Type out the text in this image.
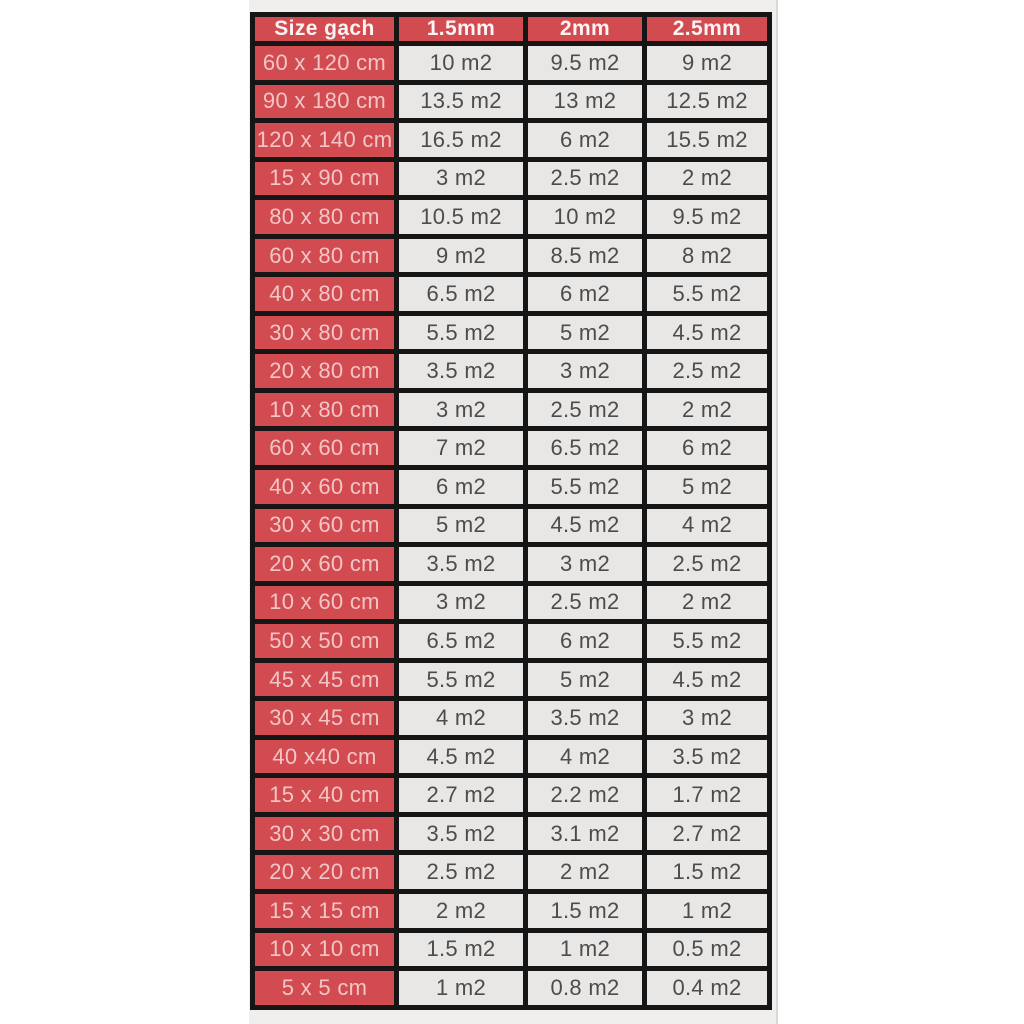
Size gạch	1.5mm	2mm	2.5mm
60 x 120 cm	10 m2	9.5 m2	9 m2
90 x 180 cm	13.5 m2	13 m2	12.5 m2
120 x 140 cm	16.5 m2	6 m2	15.5 m2
15 x 90 cm	3 m2	2.5 m2	2 m2
80 x 80 cm	10.5 m2	10 m2	9.5 m2
60 x 80 cm	9 m2	8.5 m2	8 m2
40 x 80 cm	6.5 m2	6 m2	5.5 m2
30 x 80 cm	5.5 m2	5 m2	4.5 m2
20 x 80 cm	3.5 m2	3 m2	2.5 m2
10 x 80 cm	3 m2	2.5 m2	2 m2
60 x 60 cm	7 m2	6.5 m2	6 m2
40 x 60 cm	6 m2	5.5 m2	5 m2
30 x 60 cm	5 m2	4.5 m2	4 m2
20 x 60 cm	3.5 m2	3 m2	2.5 m2
10 x 60 cm	3 m2	2.5 m2	2 m2
50 x 50 cm	6.5 m2	6 m2	5.5 m2
45 x 45 cm	5.5 m2	5 m2	4.5 m2
30 x 45 cm	4 m2	3.5 m2	3 m2
40 x40 cm	4.5 m2	4 m2	3.5 m2
15 x 40 cm	2.7 m2	2.2 m2	1.7 m2
30 x 30 cm	3.5 m2	3.1 m2	2.7 m2
20 x 20 cm	2.5 m2	2 m2	1.5 m2
15 x 15 cm	2 m2	1.5 m2	1 m2
10 x 10 cm	1.5 m2	1 m2	0.5 m2
5 x 5 cm	1 m2	0.8 m2	0.4 m2
